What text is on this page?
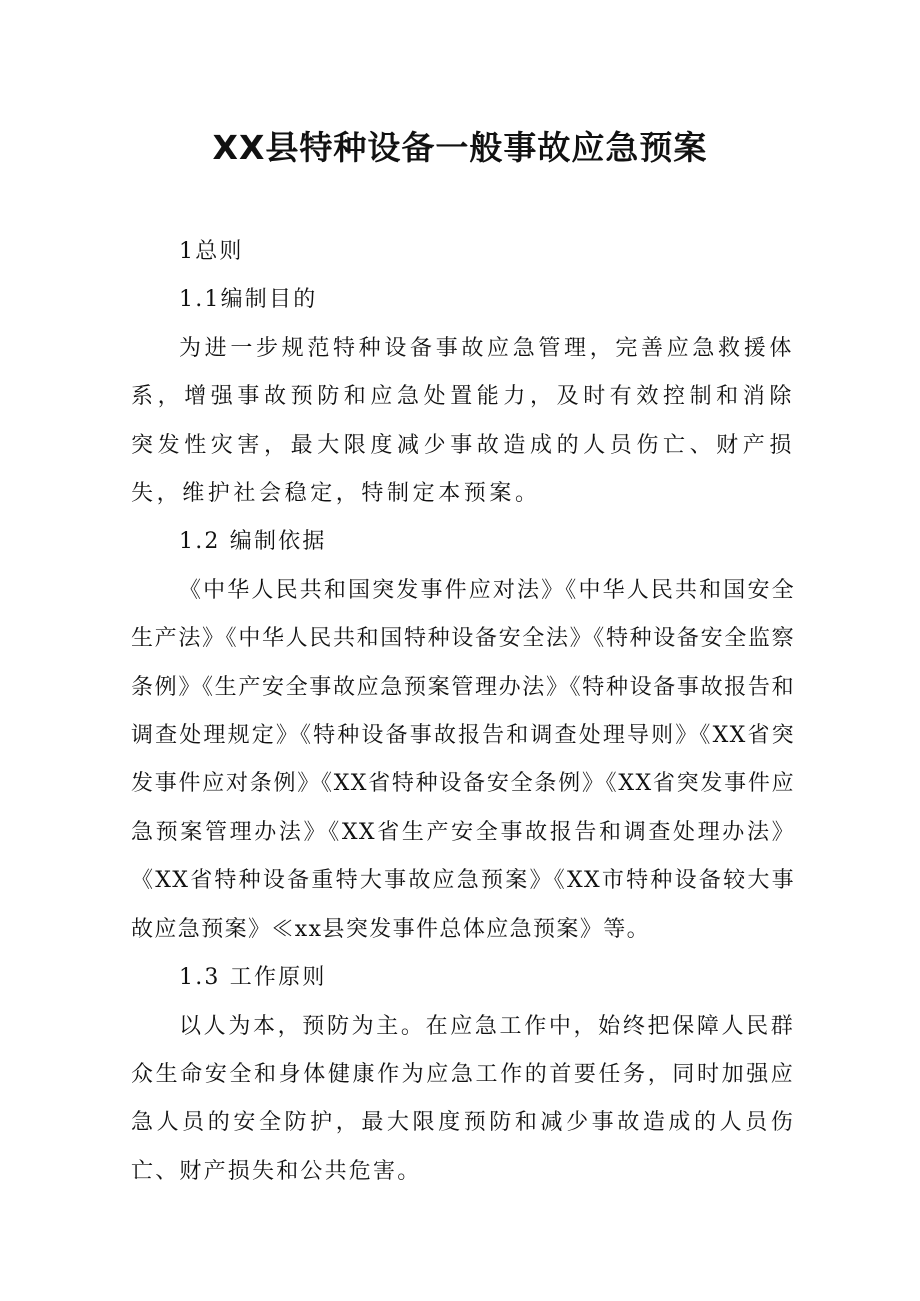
XX县特种设备一般事故应急预案

1总则

1.1编制目的

为进一步规范特种设备事故应急管理，完善应急救援体系，增强事故预防和应急处置能力，及时有效控制和消除突发性灾害，最大限度减少事故造成的人员伤亡、财产损失，维护社会稳定，特制定本预案。

1.2 编制依据

《中华人民共和国突发事件应对法》《中华人民共和国安全生产法》《中华人民共和国特种设备安全法》《特种设备安全监察条例》《生产安全事故应急预案管理办法》《特种设备事故报告和调查处理规定》《特种设备事故报告和调查处理导则》《XX省突发事件应对条例》《XX省特种设备安全条例》《XX省突发事件应急预案管理办法》《XX省生产安全事故报告和调查处理办法》《XX省特种设备重特大事故应急预案》《XX市特种设备较大事故应急预案》≪xx县突发事件总体应急预案》等。

1.3 工作原则

以人为本，预防为主。在应急工作中，始终把保障人民群众生命安全和身体健康作为应急工作的首要任务，同时加强应急人员的安全防护，最大限度预防和减少事故造成的人员伤亡、财产损失和公共危害。
